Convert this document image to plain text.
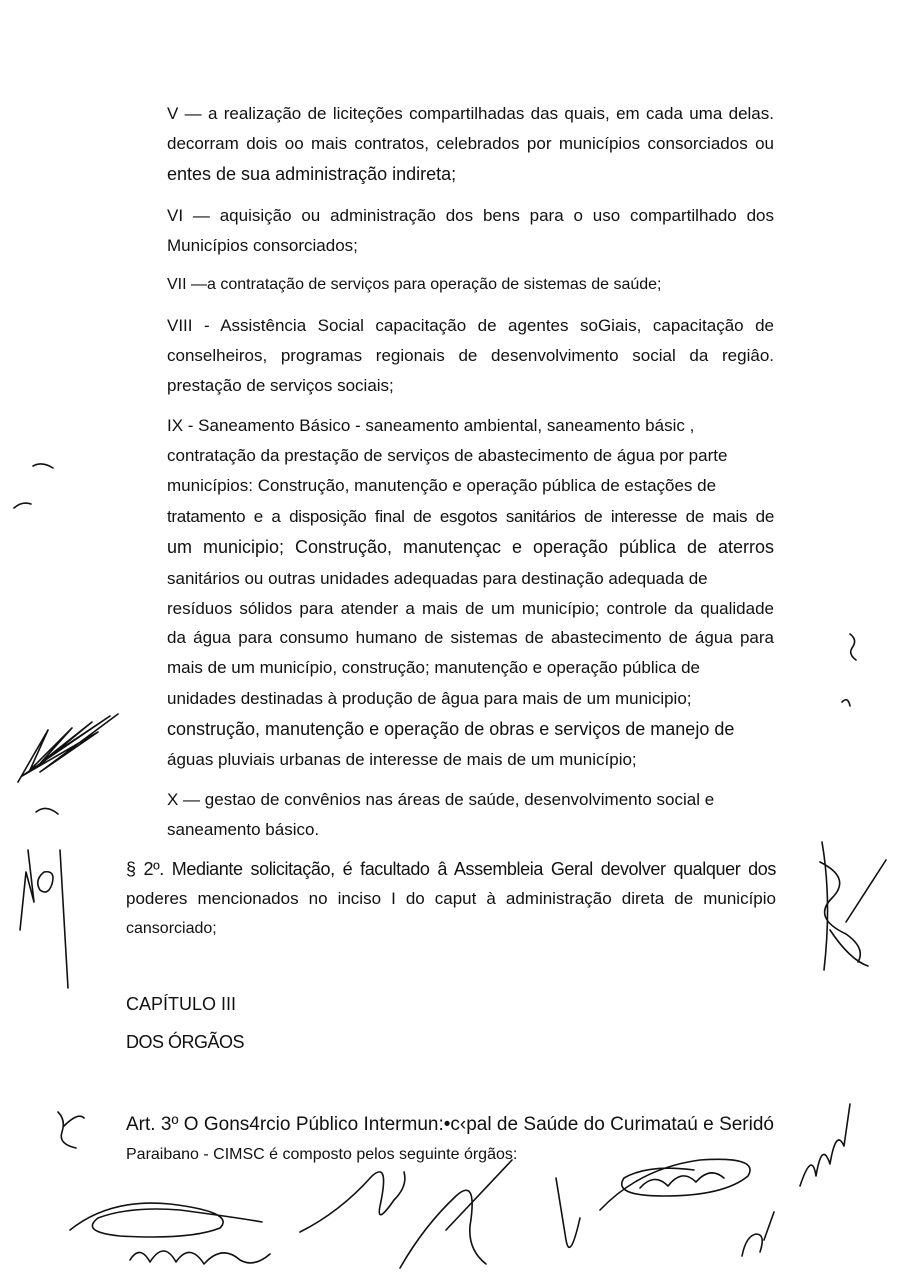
V — a realização de liciteções compartilhadas das quais, em cada uma delas.
decorram dois oo mais contratos, celebrados por municípios consorciados ou
entes de sua administração indireta;
VI — aquisição ou administração dos bens para o uso compartilhado dos
Municípios consorciados;
VII —a contratação de serviços para operação de sistemas de saúde;
VIII - Assistência Social capacitação de agentes soGiais, capacitação de
conselheiros, programas regionais de desenvolvimento social da regiâo.
prestação de serviços sociais;
IX - Saneamento Básico - saneamento ambiental, saneamento básic ,
contratação da prestação de serviços de abastecimento de água por parte
municípios: Construção, manutenção e operação pública de estações de
tratamento e a disposição final de esgotos sanitários de interesse de mais de
um municipio; Construção, manutençac e operação pública de aterros
sanitários ou outras unidades adequadas para destinação adequada de
resíduos sólidos para atender a mais de um município; controle da qualidade
da água para consumo humano de sistemas de abastecimento de água para
mais de um município, construção; manutenção e operação pública de
unidades destinadas à produção de âgua para mais de um municipio;
construção, manutenção e operação de obras e serviços de manejo de
águas pluviais urbanas de interesse de mais de um município;
X — gestao de convênios nas áreas de saúde, desenvolvimento social e
saneamento básico.
§ 2º. Mediante solicitação, é facultado â Assembleia Geral devolver qualquer dos
poderes mencionados no inciso I do caput à administração direta de município
cansorciado;
CAPÍTULO III
DOS ÓRGÃOS
Art. 3º O Gons4rcio Público Intermun:•c‹pal de Saúde do Curimataú e Seridó
Paraibano - CIMSC é composto pelos seguinte órgãos:
